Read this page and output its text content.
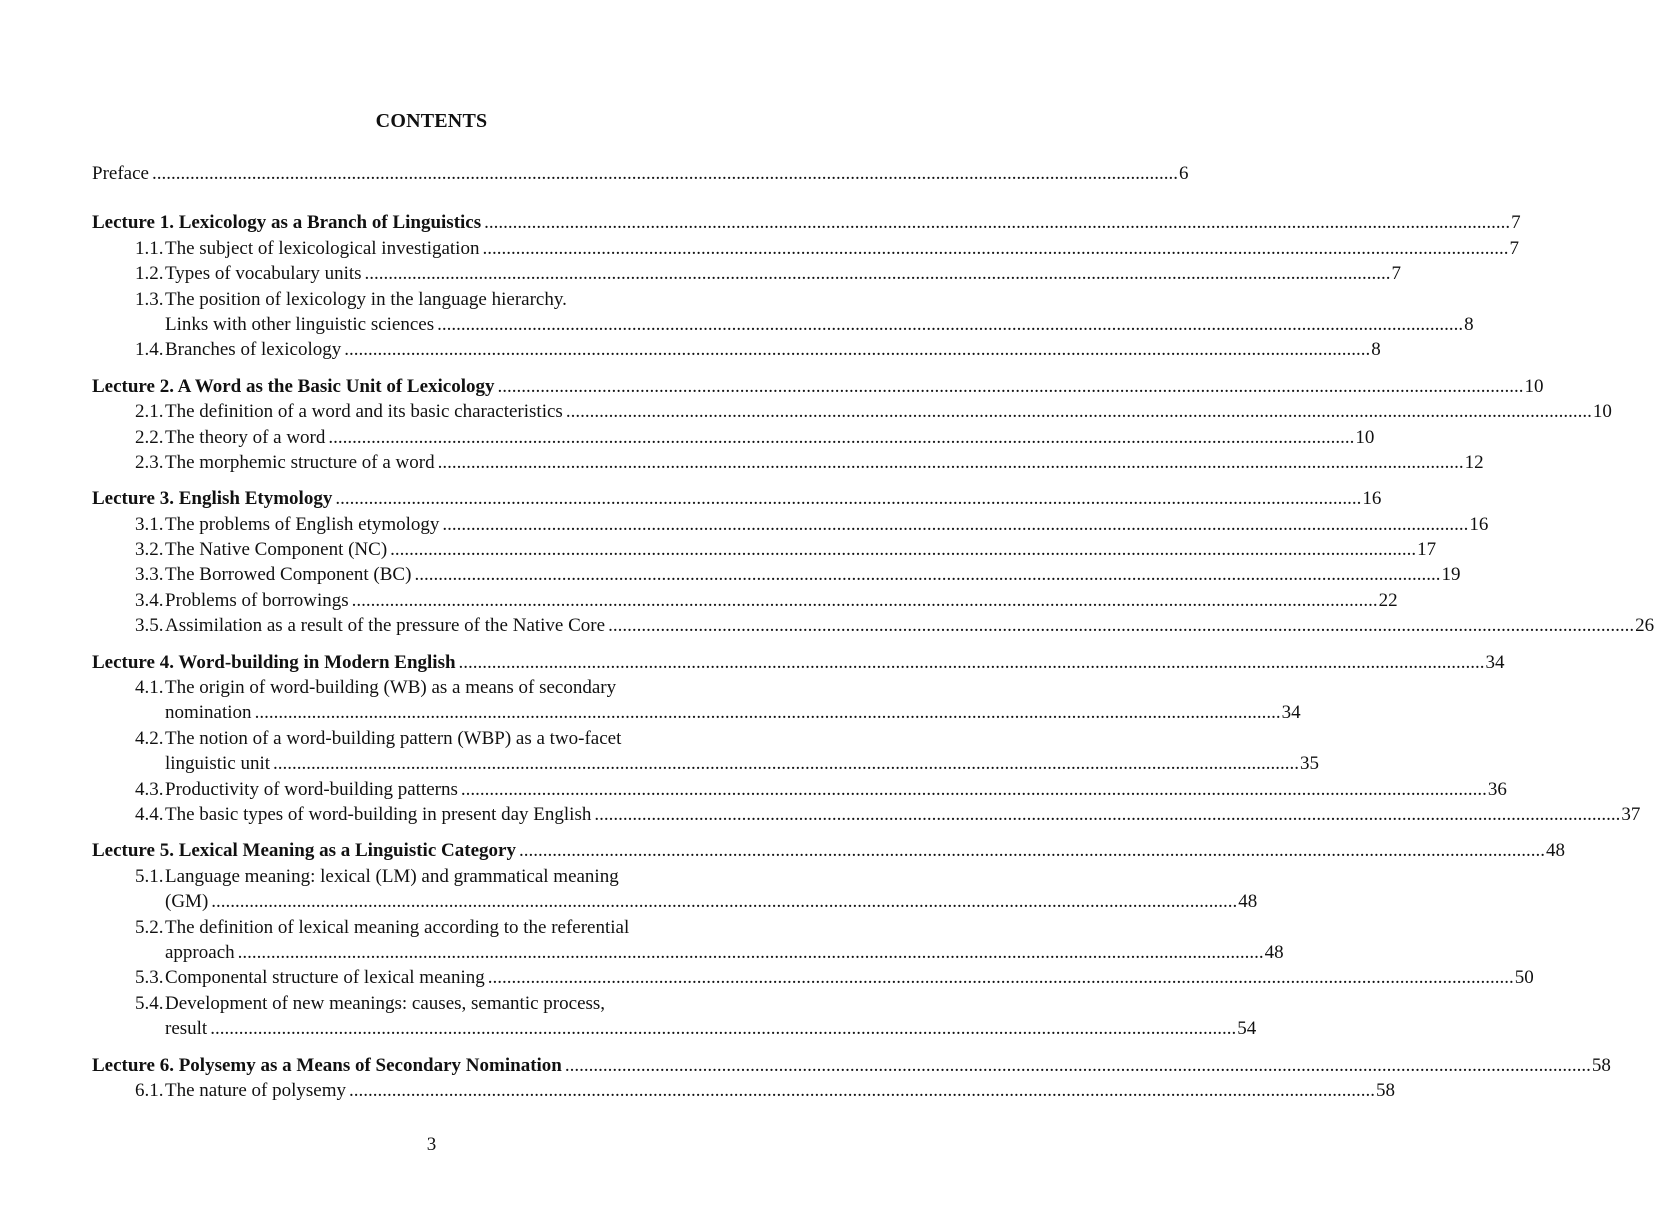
CONTENTS
Preface .....	6
Lecture 1. Lexicology as a Branch of Linguistics .....	7
1.1. The subject of lexicological investigation .....	7
1.2. Types of vocabulary units .....	7
1.3. The position of lexicology in the language hierarchy.
Links with other linguistic sciences .....	8
1.4. Branches of lexicology .....	8
Lecture 2. A Word as the Basic Unit of Lexicology .....	10
2.1. The definition of a word and its basic characteristics .....	10
2.2. The theory of a word .....	10
2.3. The morphemic structure of a word .....	12
Lecture 3. English Etymology .....	16
3.1. The problems of English etymology .....	16
3.2. The Native Component (NC) .....	17
3.3. The Borrowed Component (BC) .....	19
3.4. Problems of borrowings .....	22
3.5. Assimilation as a result of the pressure of the Native Core .....	26
Lecture 4. Word-building in Modern English .....	34
4.1. The origin of word-building (WB) as a means of secondary
nomination .....	34
4.2. The notion of a word-building pattern (WBP) as a two-facet
linguistic unit .....	35
4.3. Productivity of word-building patterns .....	36
4.4. The basic types of word-building in present day English .....	37
Lecture 5. Lexical Meaning as a Linguistic Category .....	48
5.1. Language meaning: lexical (LM) and grammatical meaning
(GM) .....	48
5.2. The definition of lexical meaning according to the referential
approach .....	48
5.3. Componental structure of lexical meaning .....	50
5.4. Development of new meanings: causes, semantic process,
result .....	54
Lecture 6. Polysemy as a Means of Secondary Nomination .....	58
6.1. The nature of polysemy .....	58
3
